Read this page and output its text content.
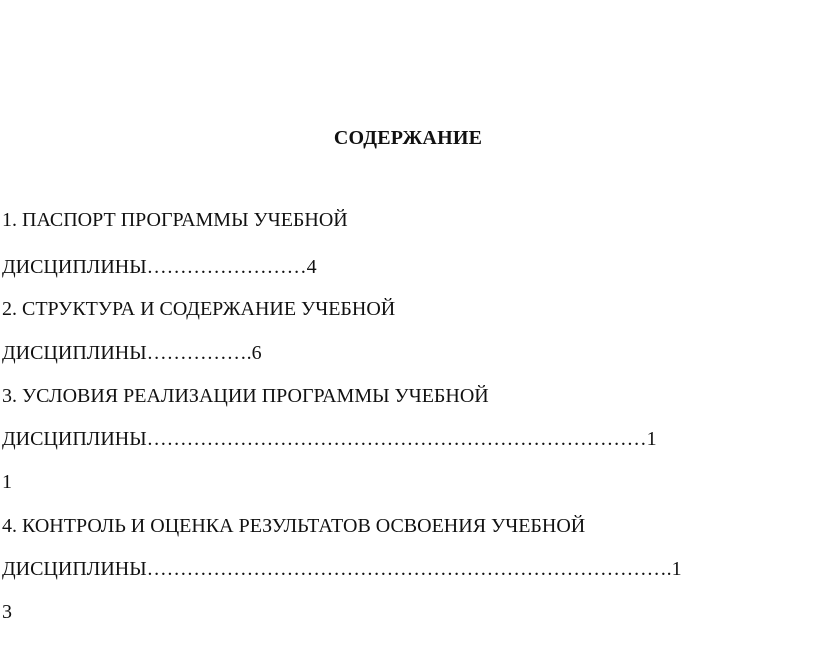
СОДЕРЖАНИЕ
1. ПАСПОРТ ПРОГРАММЫ УЧЕБНОЙ
ДИСЦИПЛИНЫ……………………4
2. СТРУКТУРА И СОДЕРЖАНИЕ УЧЕБНОЙ
ДИСЦИПЛИНЫ…………….6
3. УСЛОВИЯ РЕАЛИЗАЦИИ ПРОГРАММЫ УЧЕБНОЙ
ДИСЦИПЛИНЫ…………………………………………………………………1
1
4. КОНТРОЛЬ И ОЦЕНКА РЕЗУЛЬТАТОВ ОСВОЕНИЯ УЧЕБНОЙ
ДИСЦИПЛИНЫ…………………………………………………………………….1
3
